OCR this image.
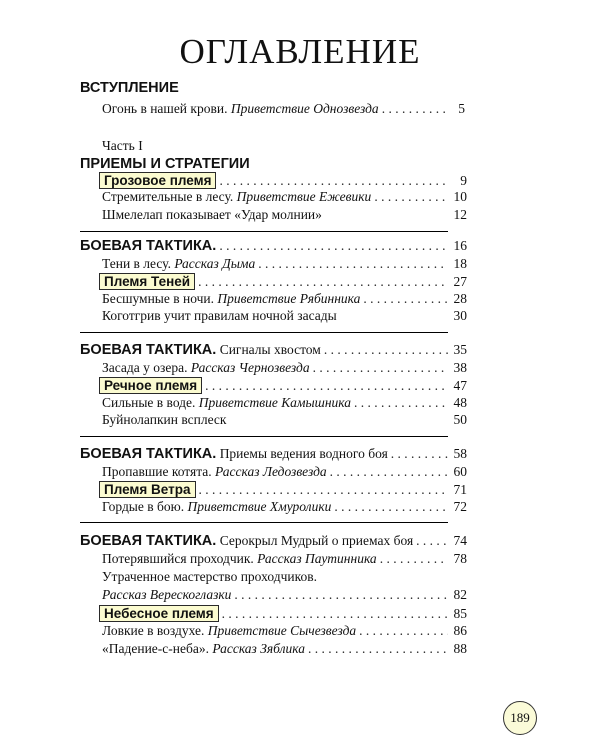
ОГЛАВЛЕНИЕ
ВСТУПЛЕНИЕ
Огонь в нашей крови. Приветствие Однозвезда . . .	5
Часть I
ПРИЕМЫ И СТРАТЕГИИ
Грозовое племя . . .	9
Стремительные в лесу. Приветствие Ежевики . . .	10
Шмелелап показывает «Удар молнии»	12
БОЕВАЯ ТАКТИКА. . . .	16
Тени в лесу. Рассказ Дыма . . .	18
Племя Теней . . .	27
Бесшумные в ночи. Приветствие Рябинника . . .	28
Коготгрив учит правилам ночной засады	30
БОЕВАЯ ТАКТИКА. Сигналы хвостом . . .	35
Засада у озера. Рассказ Чернозвезда . . .	38
Речное племя . . .	47
Сильные в воде. Приветствие Камышника . . .	48
Буйнолапкин всплеск	50
БОЕВАЯ ТАКТИКА. Приемы ведения водного боя . . .	58
Пропавшие котята. Рассказ Ледозвезда . . .	60
Племя Ветра . . .	71
Гордые в бою. Приветствие Хмуролики . . .	72
БОЕВАЯ ТАКТИКА. Серокрыл Мудрый о приемах боя . . .	74
Потерявшийся проходчик. Рассказ Паутинника . . .	78
Утраченное мастерство проходчиков.
Рассказ Верескоглазки . . .	82
Небесное племя . . .	85
Ловкие в воздухе. Приветствие Сычезвезда . . .	86
«Падение-с-неба». Рассказ Зяблика . . .	88
189
